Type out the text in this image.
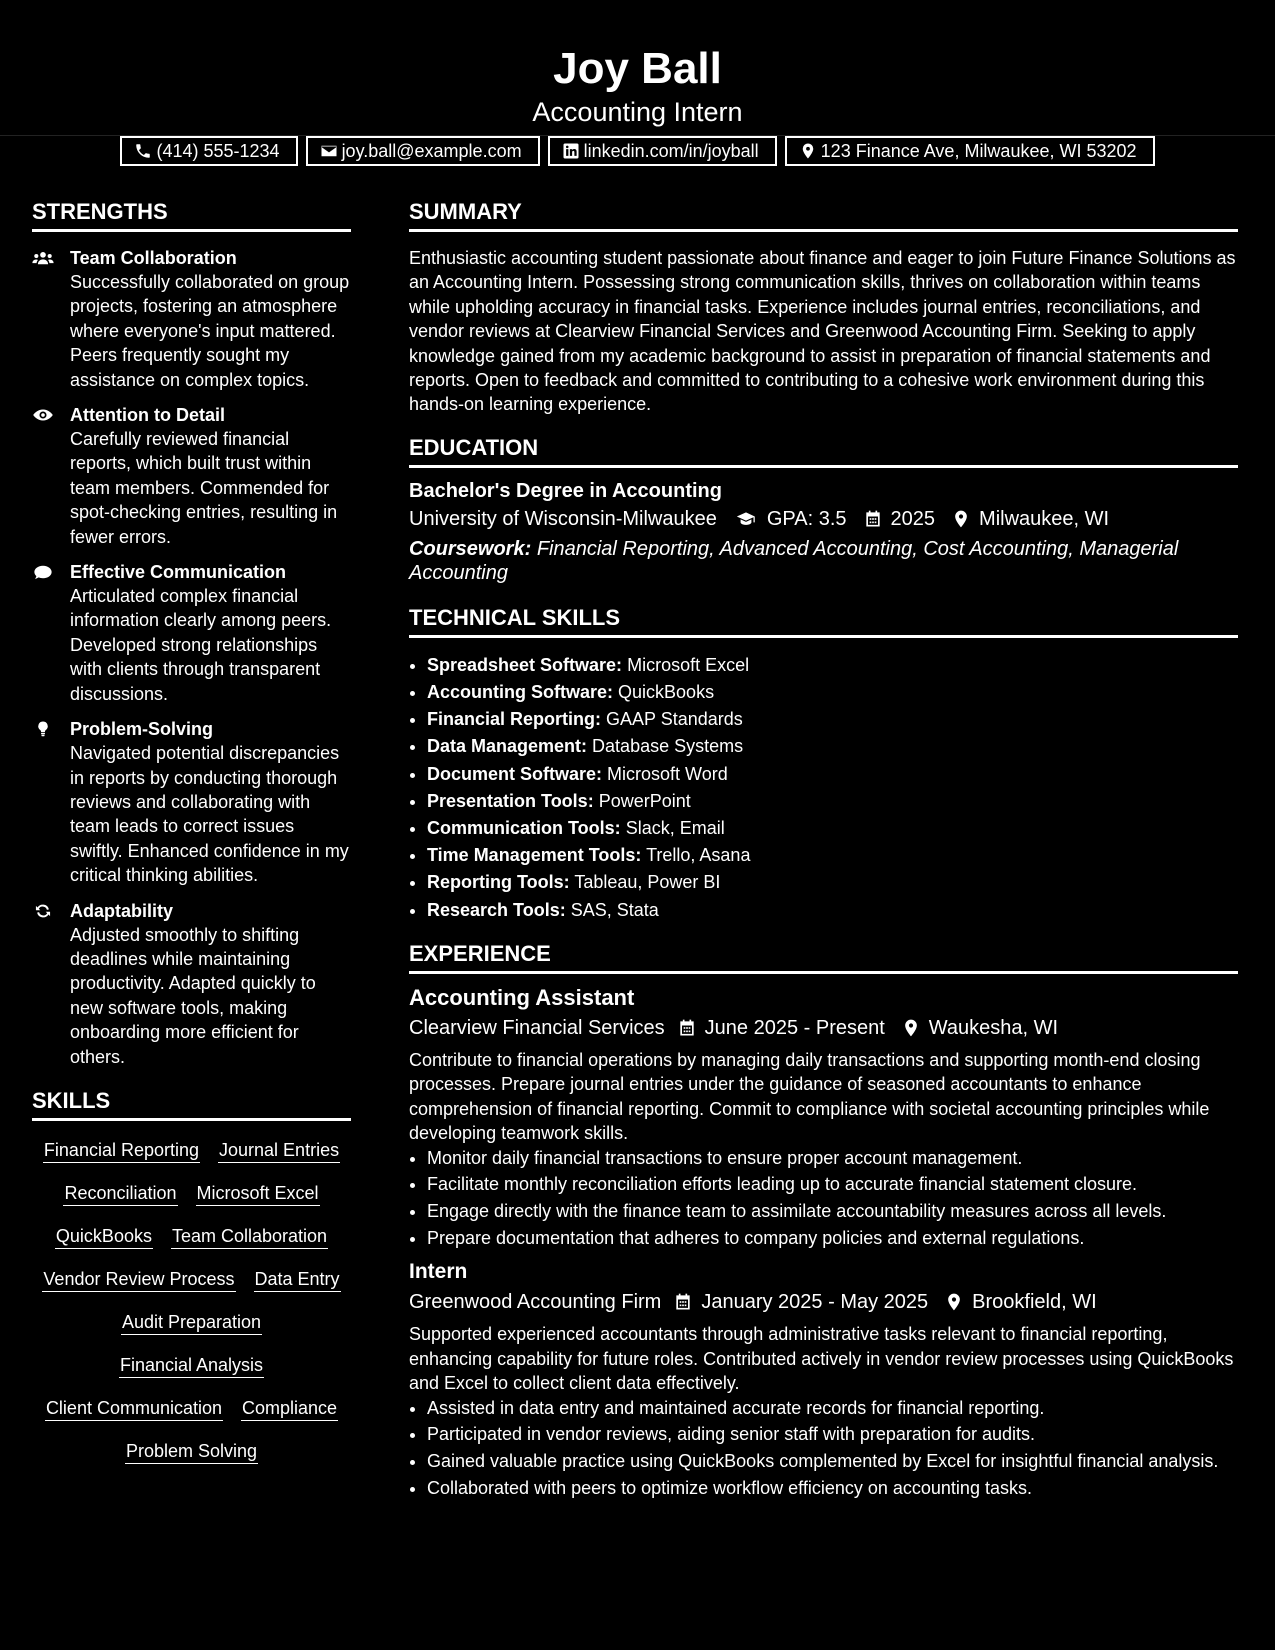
Joy Ball
Accounting Intern
(414) 555-1234	joy.ball@example.com	linkedin.com/in/joyball	123 Finance Ave, Milwaukee, WI 53202
STRENGTHS
Team Collaboration
Successfully collaborated on group projects, fostering an atmosphere where everyone's input mattered. Peers frequently sought my assistance on complex topics.
Attention to Detail
Carefully reviewed financial reports, which built trust within team members. Commended for spot-checking entries, resulting in fewer errors.
Effective Communication
Articulated complex financial information clearly among peers. Developed strong relationships with clients through transparent discussions.
Problem-Solving
Navigated potential discrepancies in reports by conducting thorough reviews and collaborating with team leads to correct issues swiftly. Enhanced confidence in my critical thinking abilities.
Adaptability
Adjusted smoothly to shifting deadlines while maintaining productivity. Adapted quickly to new software tools, making onboarding more efficient for others.
SKILLS
Financial Reporting Journal Entries
Reconciliation Microsoft Excel
QuickBooks Team Collaboration
Vendor Review Process Data Entry
Audit Preparation
Financial Analysis
Client Communication Compliance
Problem Solving
SUMMARY
Enthusiastic accounting student passionate about finance and eager to join Future Finance Solutions as an Accounting Intern. Possessing strong communication skills, thrives on collaboration within teams while upholding accuracy in financial tasks. Experience includes journal entries, reconciliations, and vendor reviews at Clearview Financial Services and Greenwood Accounting Firm. Seeking to apply knowledge gained from my academic background to assist in preparation of financial statements and reports. Open to feedback and committed to contributing to a cohesive work environment during this hands-on learning experience.
EDUCATION
Bachelor's Degree in Accounting
University of Wisconsin-Milwaukee	GPA: 3.5 2025 Milwaukee, WI
Coursework: Financial Reporting, Advanced Accounting, Cost Accounting, Managerial Accounting
TECHNICAL SKILLS
• Spreadsheet Software: Microsoft Excel
• Accounting Software: QuickBooks
• Financial Reporting: GAAP Standards
• Data Management: Database Systems
• Document Software: Microsoft Word
• Presentation Tools: PowerPoint
• Communication Tools: Slack, Email
• Time Management Tools: Trello, Asana
• Reporting Tools: Tableau, Power BI
• Research Tools: SAS, Stata
EXPERIENCE
Accounting Assistant
Clearview Financial Services June 2025 - Present Waukesha, WI
Contribute to financial operations by managing daily transactions and supporting month-end closing processes. Prepare journal entries under the guidance of seasoned accountants to enhance comprehension of financial reporting. Commit to compliance with societal accounting principles while developing teamwork skills.
• Monitor daily financial transactions to ensure proper account management.
• Facilitate monthly reconciliation efforts leading up to accurate financial statement closure.
• Engage directly with the finance team to assimilate accountability measures across all levels.
• Prepare documentation that adheres to company policies and external regulations.
Intern
Greenwood Accounting Firm January 2025 - May 2025 Brookfield, WI
Supported experienced accountants through administrative tasks relevant to financial reporting, enhancing capability for future roles. Contributed actively in vendor review processes using QuickBooks and Excel to collect client data effectively.
• Assisted in data entry and maintained accurate records for financial reporting.
• Participated in vendor reviews, aiding senior staff with preparation for audits.
• Gained valuable practice using QuickBooks complemented by Excel for insightful financial analysis.
• Collaborated with peers to optimize workflow efficiency on accounting tasks.
